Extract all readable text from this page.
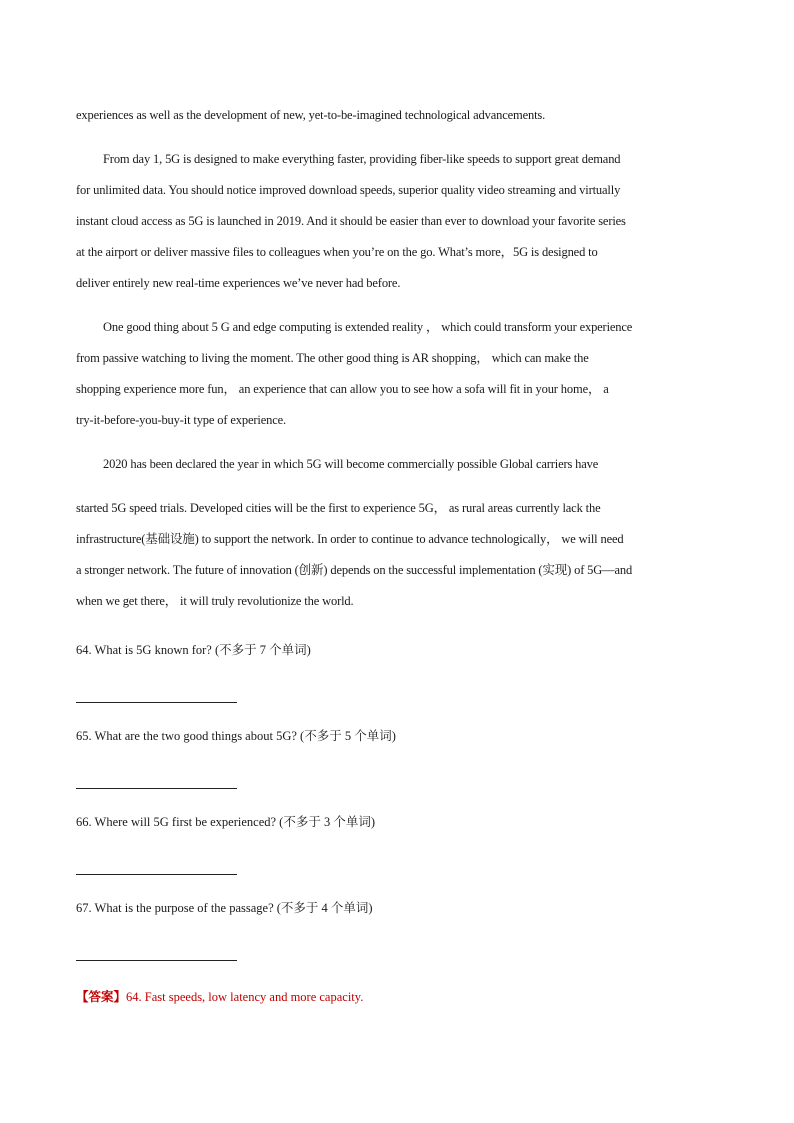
experiences as well as the development of new, yet-to-be-imagined technological advancements.
From day 1, 5G is designed to make everything faster, providing fiber-like speeds to support great demand
for unlimited data. You should notice improved download speeds, superior quality video streaming and virtually
instant cloud access as 5G is launched in 2019. And it should be easier than ever to download your favorite series
at the airport or deliver massive files to colleagues when you’re on the go. What’s more，5G is designed to
deliver entirely new real-time experiences we’ve never had before.
One good thing about 5 G and edge computing is extended reality ， which could transform your experience
from passive watching to living the moment. The other good thing is AR shopping， which can make the
shopping experience more fun， an experience that can allow you to see how a sofa will fit in your home， a
try-it-before-you-buy-it type of experience.
2020 has been declared the year in which 5G will become commercially possible Global carriers have
started 5G speed trials. Developed cities will be the first to experience 5G， as rural areas currently lack the
infrastructure(基础设施) to support the network. In order to continue to advance technologically， we will need
a stronger network. The future of innovation (创新) depends on the successful implementation (实现) of 5G—and
when we get there， it will truly revolutionize the world.
64. What is 5G known for? (不多于 7 个单词)
65. What are the two good things about 5G? (不多于 5 个单词)
66. Where will 5G first be experienced? (不多于 3 个单词)
67. What is the purpose of the passage? (不多于 4 个单词)
【答案】64. Fast speeds, low latency and more capacity.
